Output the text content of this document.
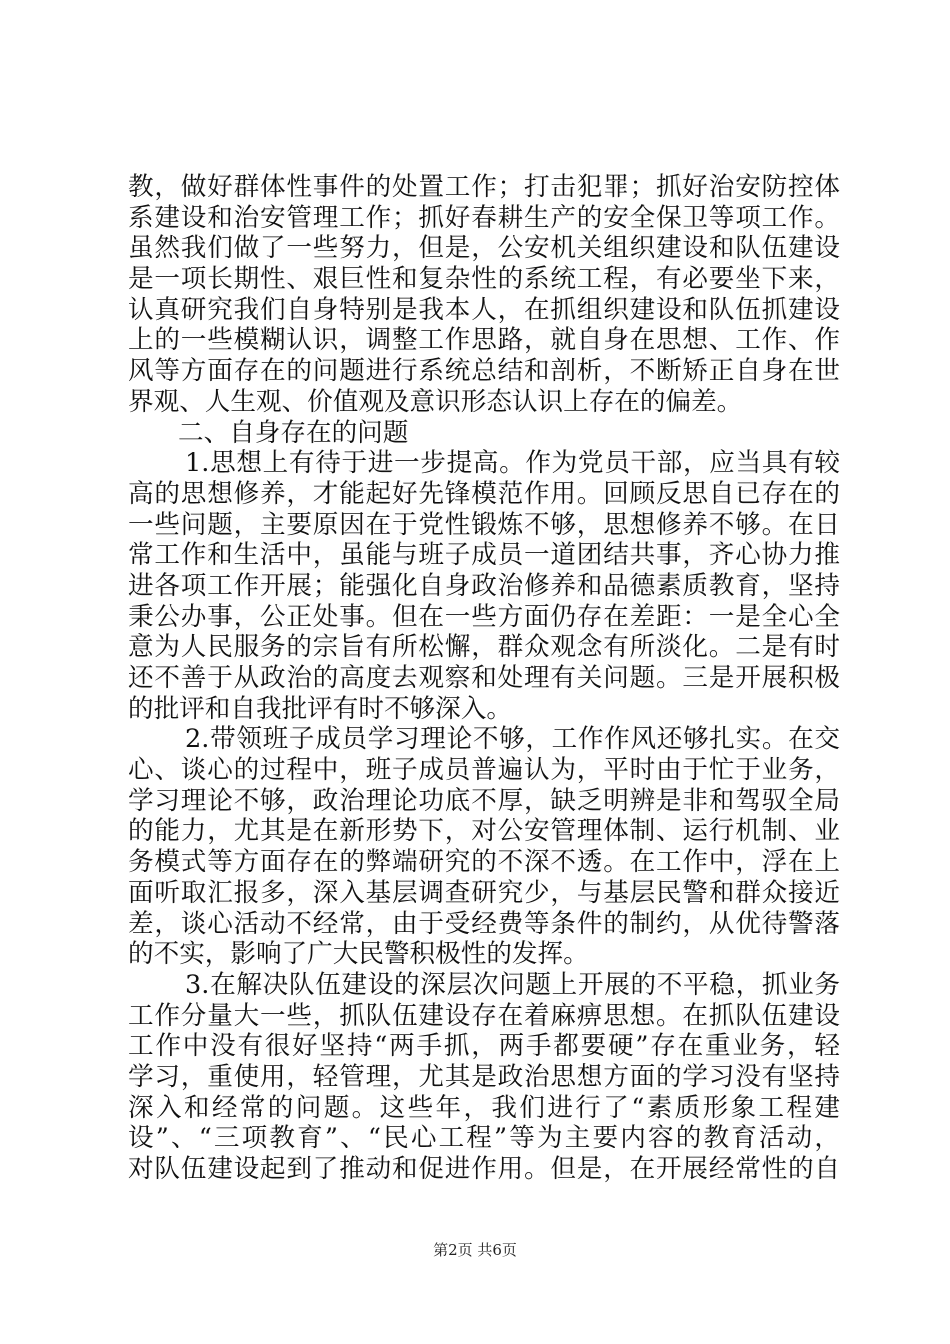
教，做好群体性事件的处置工作；打击犯罪；抓好治安防控体
系建设和治安管理工作；抓好春耕生产的安全保卫等项工作。
虽然我们做了一些努力，但是，公安机关组织建设和队伍建设
是一项长期性、艰巨性和复杂性的系统工程，有必要坐下来，
认真研究我们自身特别是我本人，在抓组织建设和队伍抓建设
上的一些模糊认识，调整工作思路，就自身在思想、工作、作
风等方面存在的问题进行系统总结和剖析，不断矫正自身在世
界观、人生观、价值观及意识形态认识上存在的偏差。
二、自身存在的问题
1.思想上有待于进一步提高。作为党员干部，应当具有较
高的思想修养，才能起好先锋模范作用。回顾反思自已存在的
一些问题，主要原因在于党性锻炼不够，思想修养不够。在日
常工作和生活中，虽能与班子成员一道团结共事，齐心协力推
进各项工作开展；能强化自身政治修养和品德素质教育，坚持
秉公办事，公正处事。但在一些方面仍存在差距：一是全心全
意为人民服务的宗旨有所松懈，群众观念有所淡化。二是有时
还不善于从政治的高度去观察和处理有关问题。三是开展积极
的批评和自我批评有时不够深入。
2.带领班子成员学习理论不够，工作作风还够扎实。在交
心、谈心的过程中，班子成员普遍认为，平时由于忙于业务，
学习理论不够，政治理论功底不厚，缺乏明辨是非和驾驭全局
的能力，尤其是在新形势下，对公安管理体制、运行机制、业
务模式等方面存在的弊端研究的不深不透。在工作中，浮在上
面听取汇报多，深入基层调查研究少，与基层民警和群众接近
差，谈心活动不经常，由于受经费等条件的制约，从优待警落
的不实，影响了广大民警积极性的发挥。
3.在解决队伍建设的深层次问题上开展的不平稳，抓业务
工作分量大一些，抓队伍建设存在着麻痹思想。在抓队伍建设
工作中没有很好坚持“两手抓，两手都要硬”存在重业务，轻
学习，重使用，轻管理，尤其是政治思想方面的学习没有坚持
深入和经常的问题。这些年，我们进行了“素质形象工程建
设”、“三项教育”、“民心工程”等为主要内容的教育活动，
对队伍建设起到了推动和促进作用。但是，在开展经常性的自
第2页 共6页
